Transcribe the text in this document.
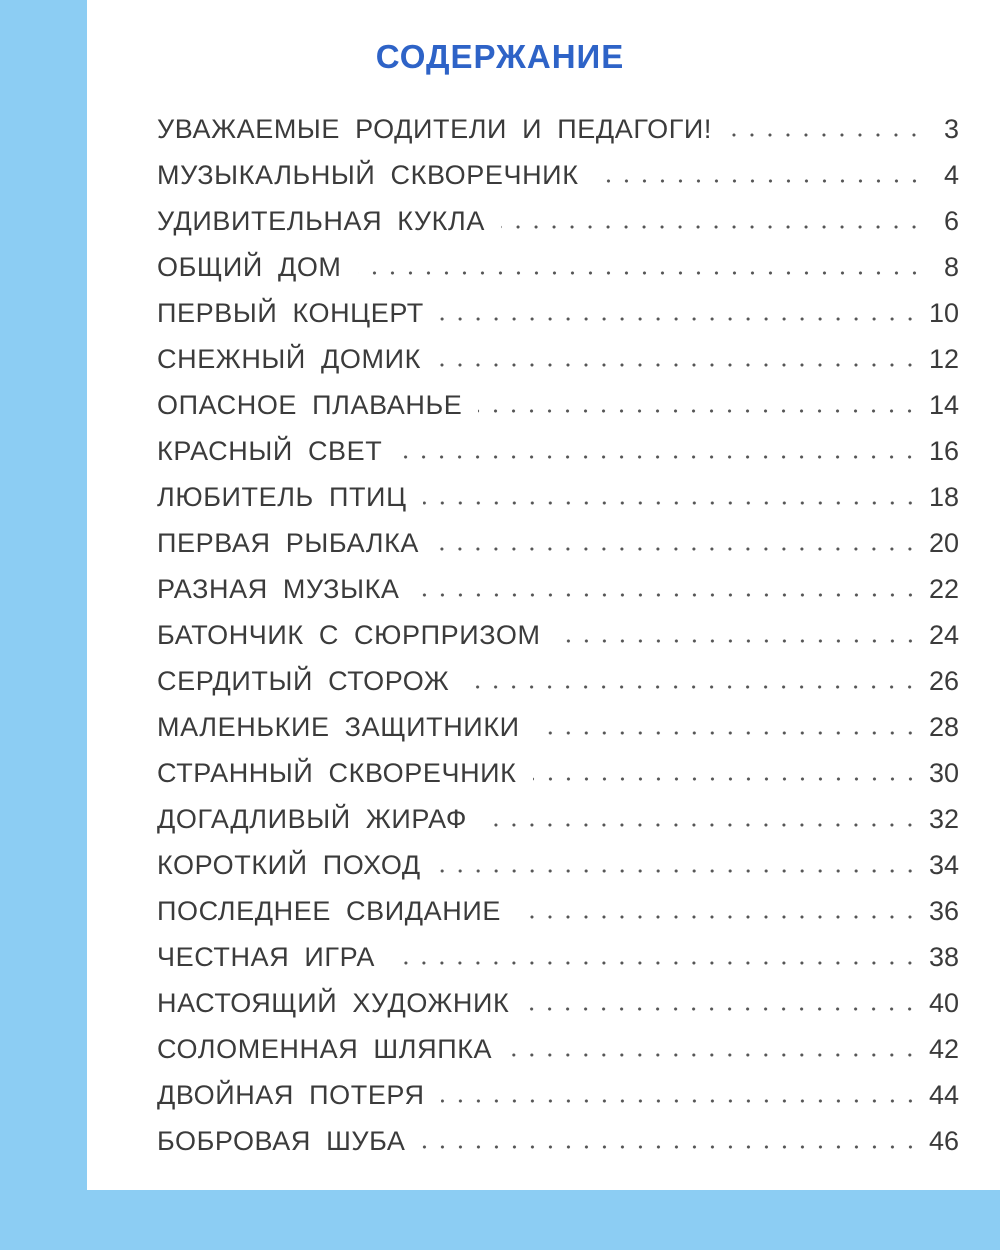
СОДЕРЖАНИЕ
УВАЖАЕМЫЕ РОДИТЕЛИ И ПЕДАГОГИ!	3
МУЗЫКАЛЬНЫЙ СКВОРЕЧНИК	4
УДИВИТЕЛЬНАЯ КУКЛА	6
ОБЩИЙ ДОМ	8
ПЕРВЫЙ КОНЦЕРТ	10
СНЕЖНЫЙ ДОМИК	12
ОПАСНОЕ ПЛАВАНЬЕ	14
КРАСНЫЙ СВЕТ	16
ЛЮБИТЕЛЬ ПТИЦ	18
ПЕРВАЯ РЫБАЛКА	20
РАЗНАЯ МУЗЫКА	22
БАТОНЧИК С СЮРПРИЗОМ	24
СЕРДИТЫЙ СТОРОЖ	26
МАЛЕНЬКИЕ ЗАЩИТНИКИ	28
СТРАННЫЙ СКВОРЕЧНИК	30
ДОГАДЛИВЫЙ ЖИРАФ	32
КОРОТКИЙ ПОХОД	34
ПОСЛЕДНЕЕ СВИДАНИЕ	36
ЧЕСТНАЯ ИГРА	38
НАСТОЯЩИЙ ХУДОЖНИК	40
СОЛОМЕННАЯ ШЛЯПКА	42
ДВОЙНАЯ ПОТЕРЯ	44
БОБРОВАЯ ШУБА	46
